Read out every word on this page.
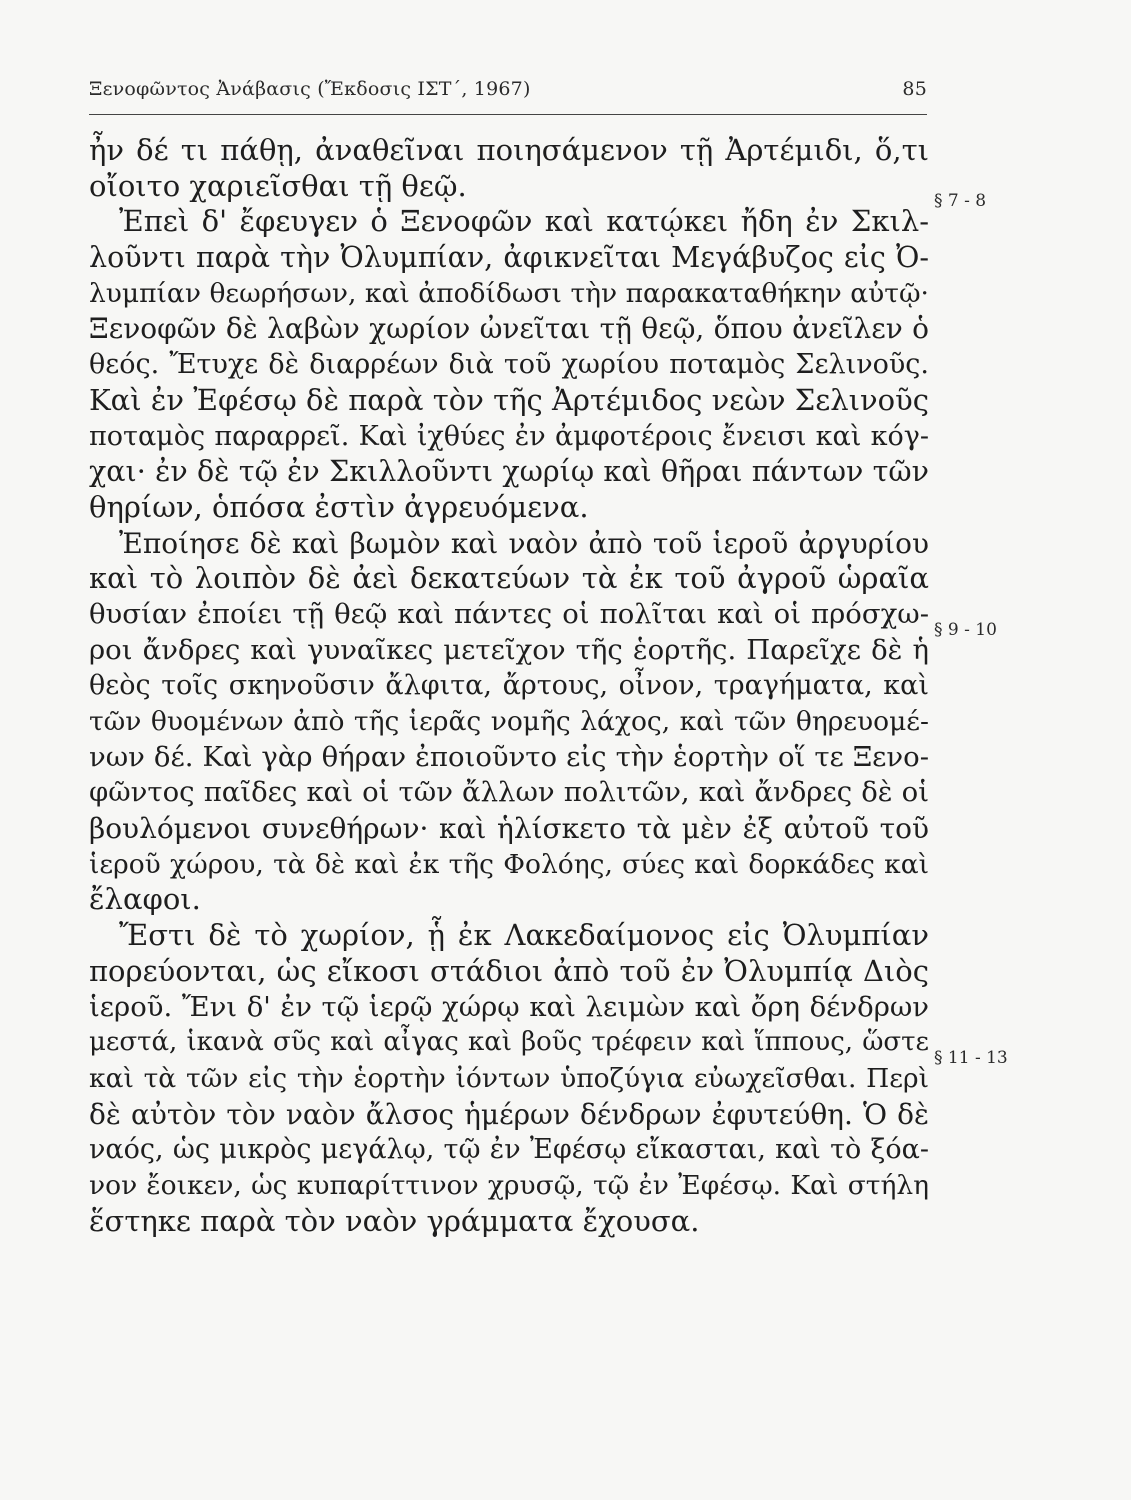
Ξενοφῶντος Ἀνάβασις (Ἔκδοσις ΙΣΤ΄, 1967)	85
ἦν δέ τι πάθῃ, ἀναθεῖναι ποιησάμενον τῇ Ἀρτέμιδι, ὅ,τι
οἴοιτο χαριεῖσθαι τῇ θεῷ.
Ἐπεὶ δ' ἔφευγεν ὁ Ξενοφῶν καὶ κατῴκει ἤδη ἐν Σκιλ-
λοῦντι παρὰ τὴν Ὀλυμπίαν, ἀφικνεῖται Μεγάβυζος εἰς Ὀ-
λυμπίαν θεωρήσων, καὶ ἀποδίδωσι τὴν παρακαταθήκην αὐτῷ·
Ξενοφῶν δὲ λαβὼν χωρίον ὠνεῖται τῇ θεῷ, ὅπου ἀνεῖλεν ὁ
θεός. Ἔτυχε δὲ διαρρέων διὰ τοῦ χωρίου ποταμὸς Σελινοῦς.
Καὶ ἐν Ἐφέσῳ δὲ παρὰ τὸν τῆς Ἀρτέμιδος νεὼν Σελινοῦς
ποταμὸς παραρρεῖ. Καὶ ἰχθύες ἐν ἀμφοτέροις ἔνεισι καὶ κόγ-
χαι· ἐν δὲ τῷ ἐν Σκιλλοῦντι χωρίῳ καὶ θῆραι πάντων τῶν
θηρίων, ὁπόσα ἐστὶν ἀγρευόμενα.
Ἐποίησε δὲ καὶ βωμὸν καὶ ναὸν ἀπὸ τοῦ ἱεροῦ ἀργυρίου
καὶ τὸ λοιπὸν δὲ ἀεὶ δεκατεύων τὰ ἐκ τοῦ ἀγροῦ ὡραῖα
θυσίαν ἐποίει τῇ θεῷ καὶ πάντες οἱ πολῖται καὶ οἱ πρόσχω-
ροι ἄνδρες καὶ γυναῖκες μετεῖχον τῆς ἑορτῆς. Παρεῖχε δὲ ἡ
θεὸς τοῖς σκηνοῦσιν ἄλφιτα, ἄρτους, οἶνον, τραγήματα, καὶ
τῶν θυομένων ἀπὸ τῆς ἱερᾶς νομῆς λάχος, καὶ τῶν θηρευομέ-
νων δέ. Καὶ γὰρ θήραν ἐποιοῦντο εἰς τὴν ἑορτὴν οἵ τε Ξενο-
φῶντος παῖδες καὶ οἱ τῶν ἄλλων πολιτῶν, καὶ ἄνδρες δὲ οἱ
βουλόμενοι συνεθήρων· καὶ ἡλίσκετο τὰ μὲν ἐξ αὐτοῦ τοῦ
ἱεροῦ χώρου, τὰ δὲ καὶ ἐκ τῆς Φολόης, σύες καὶ δορκάδες καὶ
ἔλαφοι.
Ἔστι δὲ τὸ χωρίον, ᾗ ἐκ Λακεδαίμονος εἰς Ὀλυμπίαν
πορεύονται, ὡς εἴκοσι στάδιοι ἀπὸ τοῦ ἐν Ὀλυμπίᾳ Διὸς
ἱεροῦ. Ἔνι δ' ἐν τῷ ἱερῷ χώρῳ καὶ λειμὼν καὶ ὄρη δένδρων
μεστά, ἱκανὰ σῦς καὶ αἶγας καὶ βοῦς τρέφειν καὶ ἵππους, ὥστε
καὶ τὰ τῶν εἰς τὴν ἑορτὴν ἰόντων ὑποζύγια εὐωχεῖσθαι. Περὶ
δὲ αὐτὸν τὸν ναὸν ἄλσος ἡμέρων δένδρων ἐφυτεύθη. Ὁ δὲ
ναός, ὡς μικρὸς μεγάλῳ, τῷ ἐν Ἐφέσῳ εἴκασται, καὶ τὸ ξόα-
νον ἔοικεν, ὡς κυπαρίττινον χρυσῷ, τῷ ἐν Ἐφέσῳ. Καὶ στήλη
ἕστηκε παρὰ τὸν ναὸν γράμματα ἔχουσα.
§ 7 - 8
§ 9 - 10
§ 11 - 13
